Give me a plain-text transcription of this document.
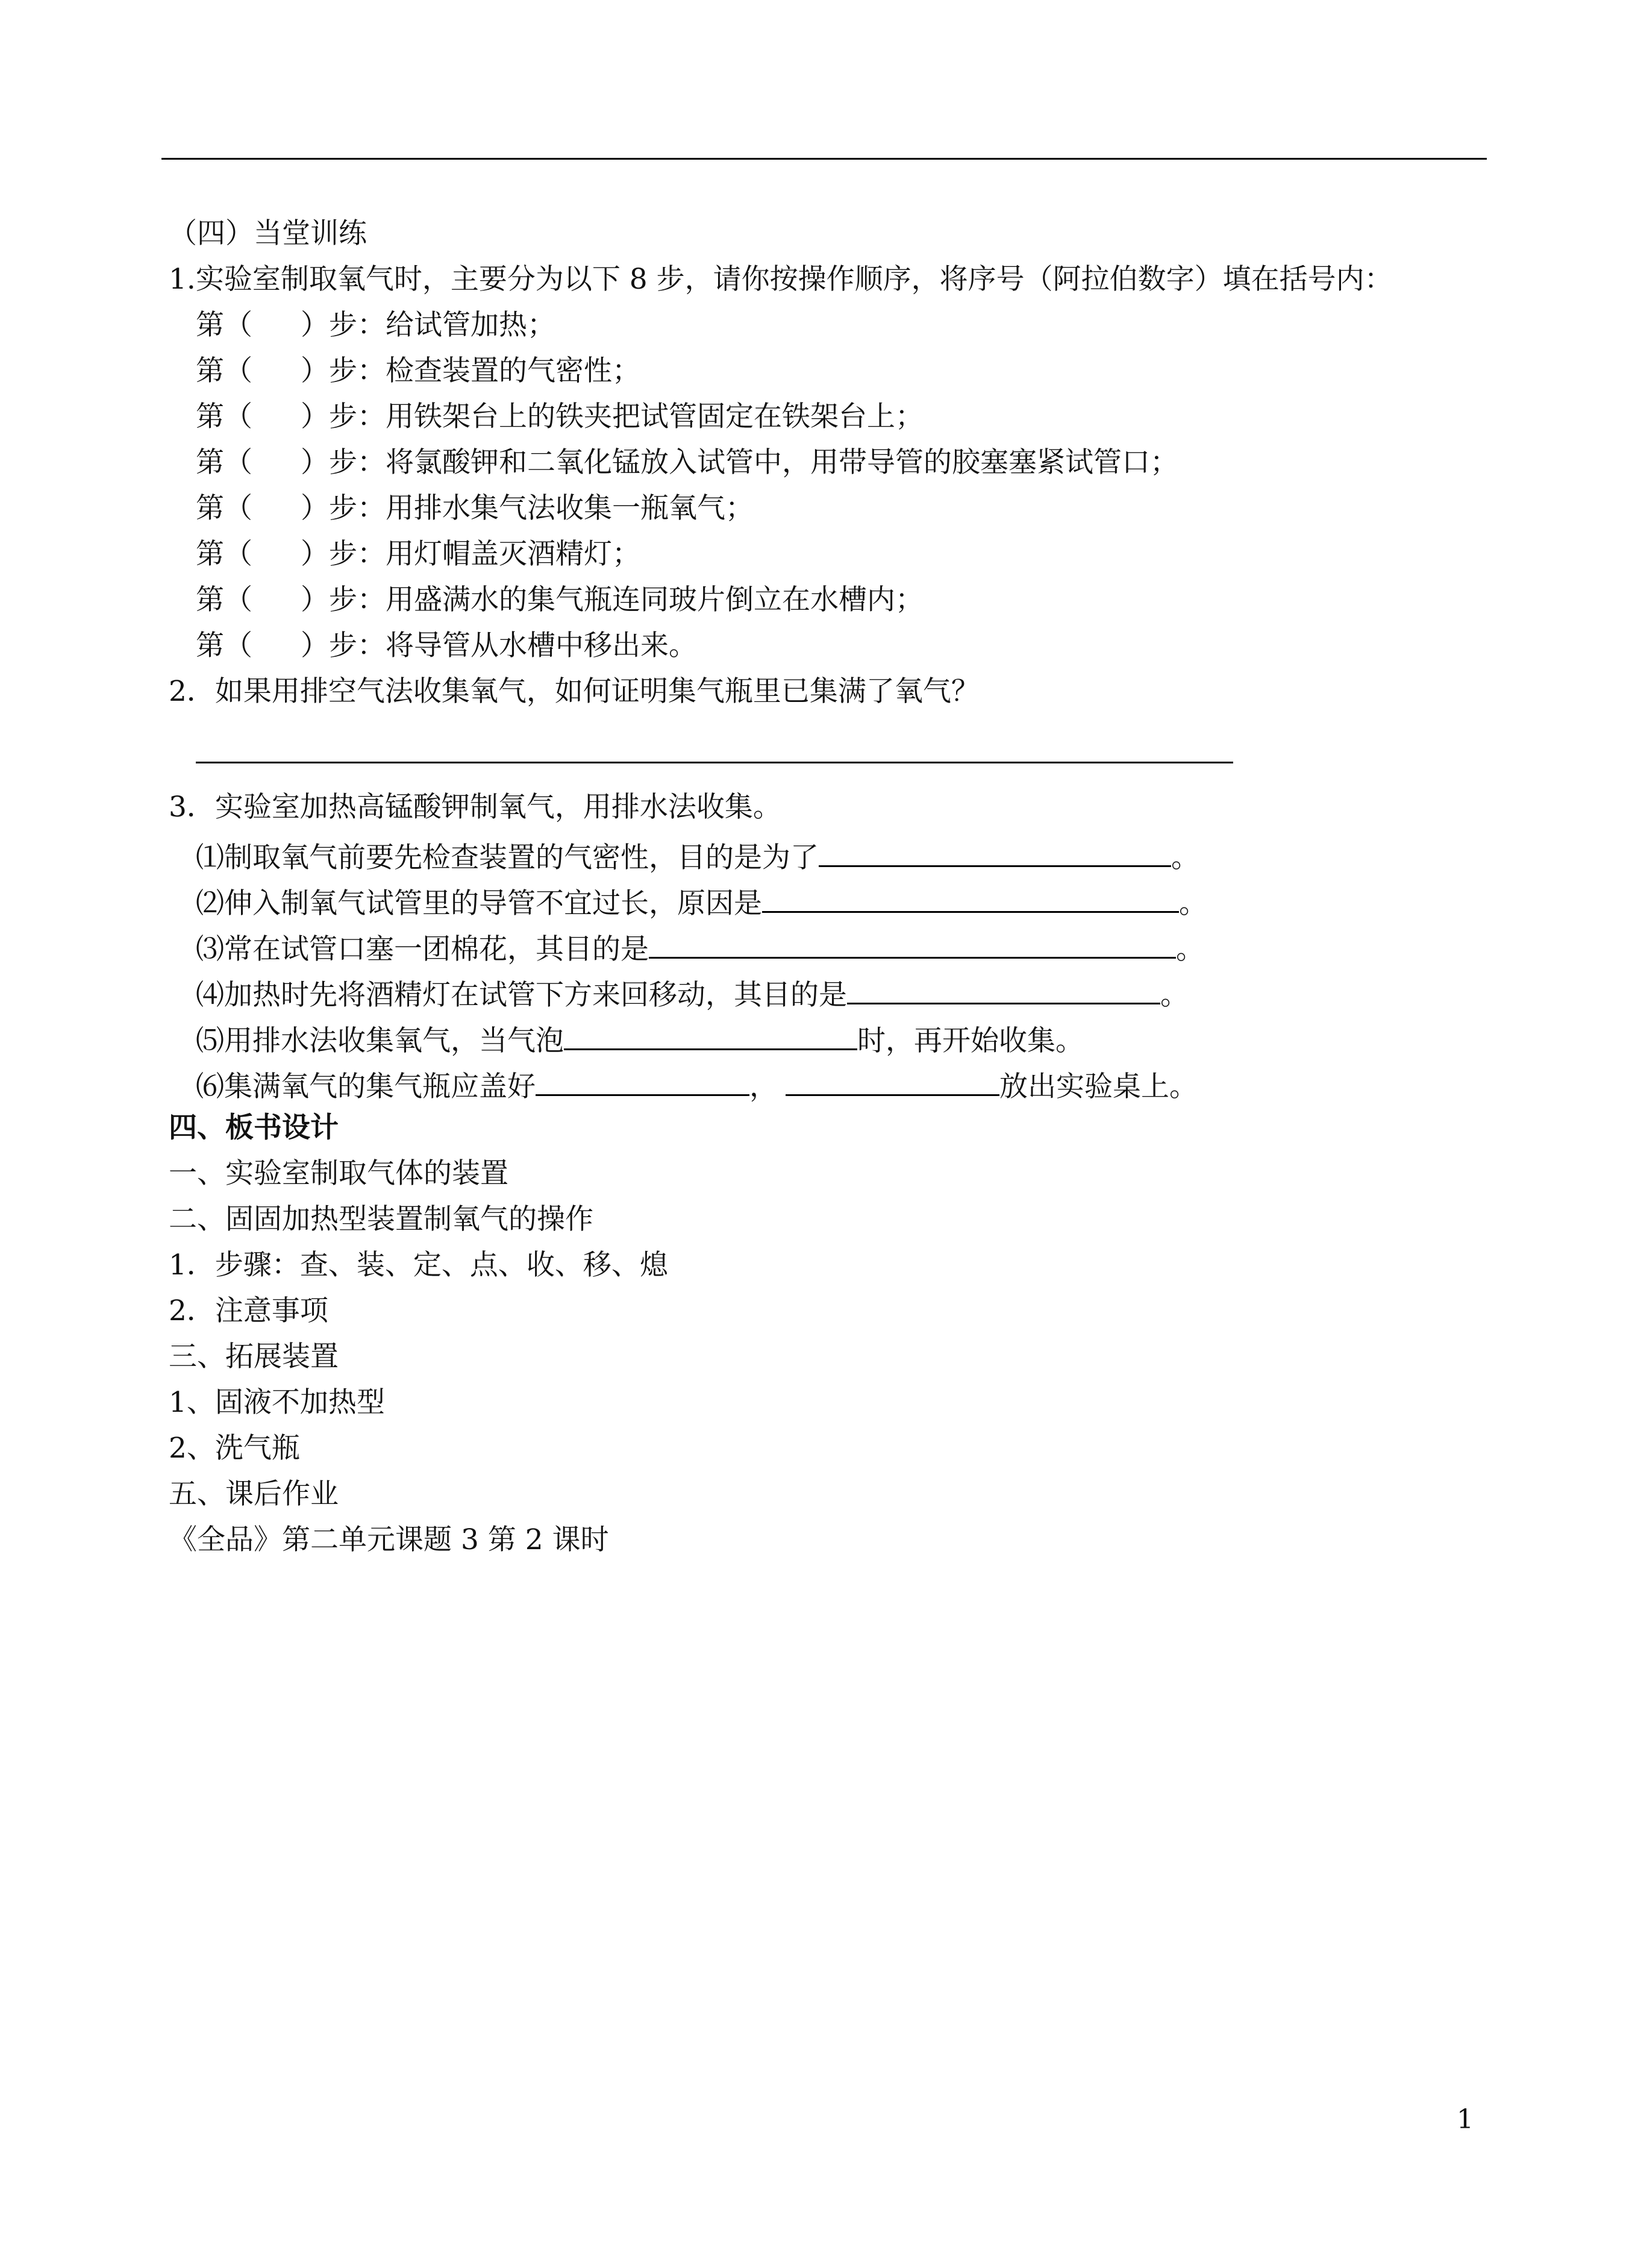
（四）当堂训练
1.实验室制取氧气时，主要分为以下 8 步，请你按操作顺序，将序号（阿拉伯数字）填在括号内：
第（ ）步：给试管加热；
第（ ）步：检查装置的气密性；
第（ ）步：用铁架台上的铁夹把试管固定在铁架台上；
第（ ）步：将氯酸钾和二氧化锰放入试管中，用带导管的胶塞塞紧试管口；
第（ ）步：用排水集气法收集一瓶氧气；
第（ ）步：用灯帽盖灭酒精灯；
第（ ）步：用盛满水的集气瓶连同玻片倒立在水槽内；
第（ ）步：将导管从水槽中移出来。
2．如果用排空气法收集氧气，如何证明集气瓶里已集满了氧气？
3．实验室加热高锰酸钾制氧气，用排水法收集。
⑴制取氧气前要先检查装置的气密性，目的是为了	。
⑵伸入制氧气试管里的导管不宜过长，原因是	。
⑶常在试管口塞一团棉花，其目的是	。
⑷加热时先将酒精灯在试管下方来回移动，其目的是	。
⑸用排水法收集氧气，当气泡	时，再开始收集。
⑹集满氧气的集气瓶应盖好	，	放出实验桌上。
四、板书设计
一、实验室制取气体的装置
二、固固加热型装置制氧气的操作
1．步骤：查、装、定、点、收、移、熄
2．注意事项
三、拓展装置
1、固液不加热型
2、洗气瓶
五、课后作业
《全品》第二单元课题 3 第 2 课时
1
